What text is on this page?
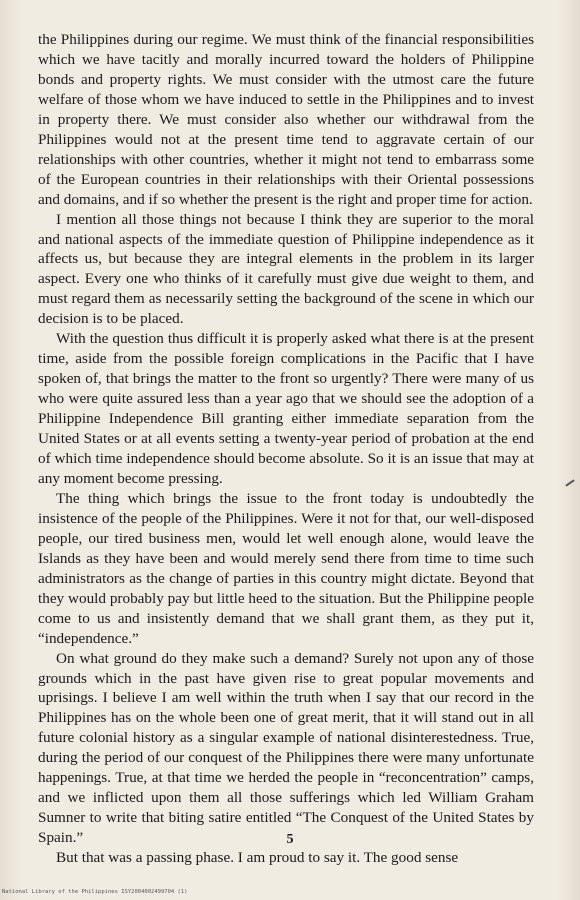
the Philippines during our regime. We must think of the financial responsibilities which we have tacitly and morally incurred toward the holders of Philippine bonds and property rights. We must consider with the utmost care the future welfare of those whom we have induced to settle in the Philippines and to invest in property there. We must consider also whether our withdrawal from the Philippines would not at the present time tend to aggravate certain of our relationships with other countries, whether it might not tend to embarrass some of the European countries in their relationships with their Oriental possessions and domains, and if so whether the present is the right and proper time for action.

I mention all those things not because I think they are superior to the moral and national aspects of the immediate question of Philippine independence as it affects us, but because they are integral elements in the problem in its larger aspect. Every one who thinks of it carefully must give due weight to them, and must regard them as necessarily setting the background of the scene in which our decision is to be placed.

With the question thus difficult it is properly asked what there is at the present time, aside from the possible foreign complications in the Pacific that I have spoken of, that brings the matter to the front so urgently? There were many of us who were quite assured less than a year ago that we should see the adoption of a Philippine Independence Bill granting either immediate separation from the United States or at all events setting a twenty-year period of probation at the end of which time independence should become absolute. So it is an issue that may at any moment become pressing.

The thing which brings the issue to the front today is undoubtedly the insistence of the people of the Philippines. Were it not for that, our well-disposed people, our tired business men, would let well enough alone, would leave the Islands as they have been and would merely send there from time to time such administrators as the change of parties in this country might dictate. Beyond that they would probably pay but little heed to the situation. But the Philippine people come to us and insistently demand that we shall grant them, as they put it, “independence.”

On what ground do they make such a demand? Surely not upon any of those grounds which in the past have given rise to great popular movements and uprisings. I believe I am well within the truth when I say that our record in the Philippines has on the whole been one of great merit, that it will stand out in all future colonial history as a singular example of national disinterestedness. True, during the period of our conquest of the Philippines there were many unfortunate happenings. True, at that time we herded the people in “reconcentration” camps, and we inflicted upon them all those sufferings which led William Graham Sumner to write that biting satire entitled “The Conquest of the United States by Spain.”

But that was a passing phase. I am proud to say it. The good sense

5
National Library of the Philippines ISY2004002499704 (1)
